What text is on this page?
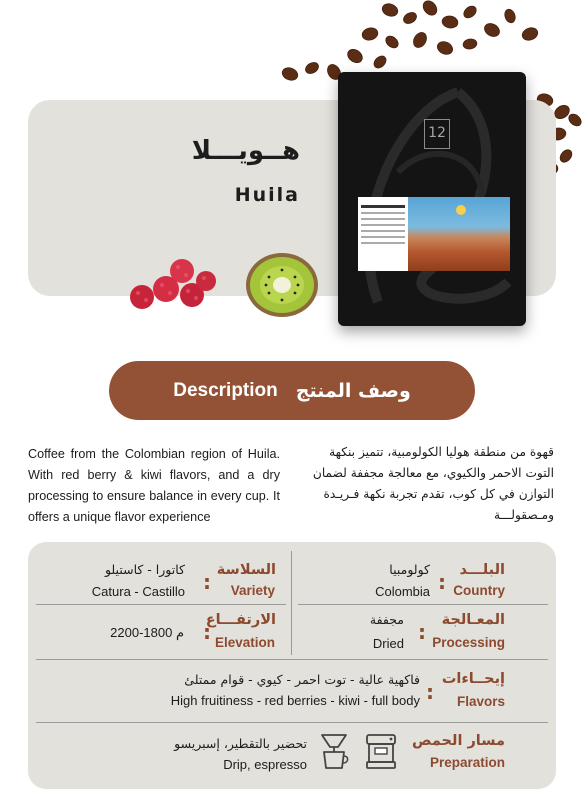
هــويـــلا
Huila
12
Description وصف المنتج

Coffee from the Colombian region of Huila. With red berry & kiwi flavors, and a dry processing to ensure balance in every cup. It offers a unique flavor experience

قهوة من منطقة هوليا الكولومبية، تتميز بنكهة التوت الاحمر والكيوي، مع معالجة مجففة لضمان التوازن في كل كوب، تقدم تجربة نكهة فـريـدة ومـصقولـــة

البلـــد
Country
:
كولومبيا
Colombia
السلاسة
Variety
:
كاتورا - كاستيلو
Catura - Castillo
المعـالجة
Processing
:
مجففة
Dried
الارتفـــاع
Elevation
:
2200-1800 م
إيحــاءات
Flavors
:
فاكهية عالية - توت احمر - كيوي - قوام ممتلئ
High fruitiness - red berries - kiwi - full body
مسار الحمص
Preparation
تحضير بالتقطير، إسبريسو
Drip, espresso
